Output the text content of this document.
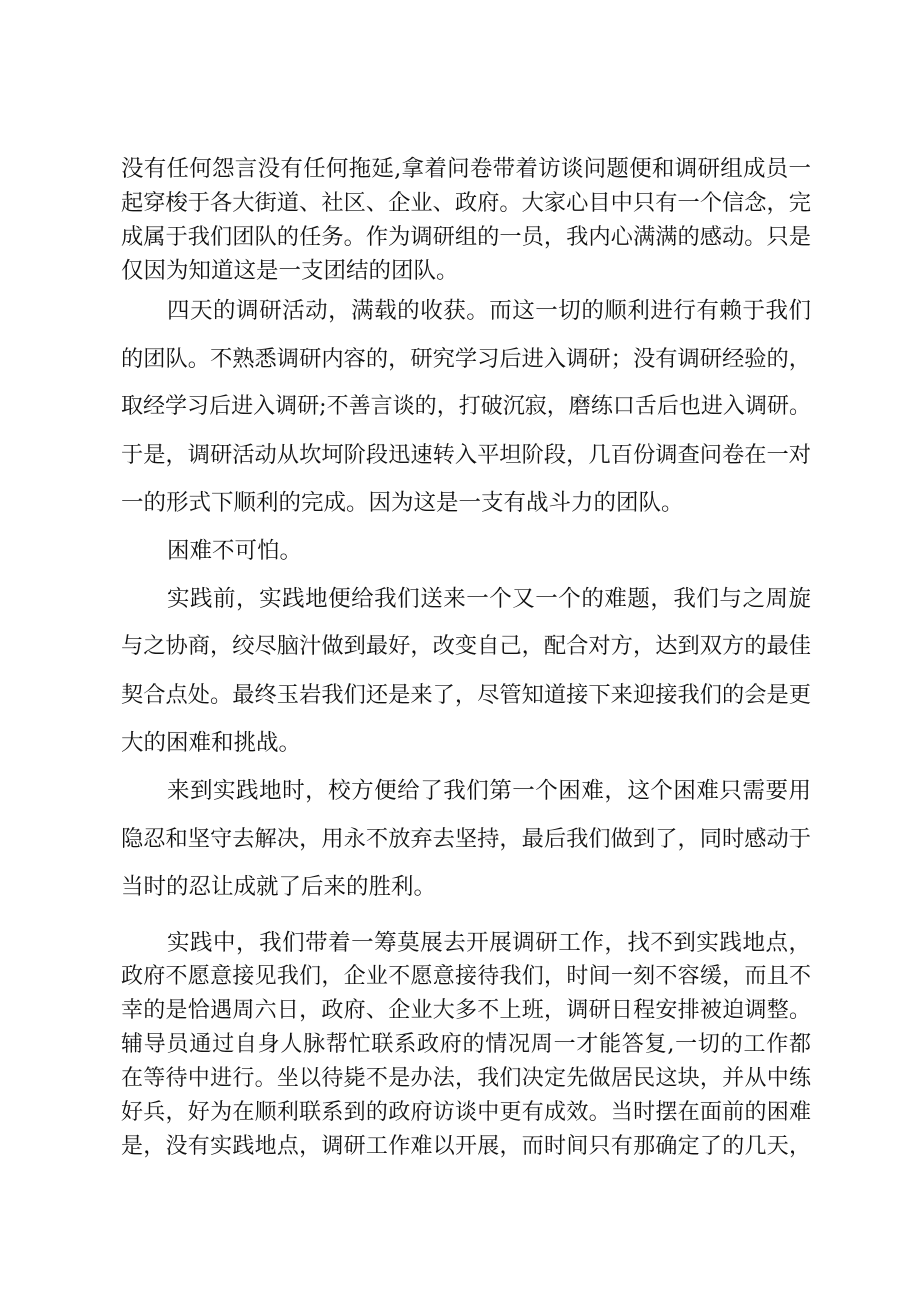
没有任何怨言没有任何拖延,拿着问卷带着访谈问题便和调研组成员一
起穿梭于各大街道、社区、企业、政府。大家心目中只有一个信念，完
成属于我们团队的任务。作为调研组的一员，我内心满满的感动。只是
仅因为知道这是一支团结的团队。
四天的调研活动，满载的收获。而这一切的顺利进行有赖于我们
的团队。不熟悉调研内容的，研究学习后进入调研；没有调研经验的，
取经学习后进入调研;不善言谈的，打破沉寂，磨练口舌后也进入调研。
于是，调研活动从坎坷阶段迅速转入平坦阶段，几百份调查问卷在一对
一的形式下顺利的完成。因为这是一支有战斗力的团队。
困难不可怕。
实践前，实践地便给我们送来一个又一个的难题，我们与之周旋
与之协商，绞尽脑汁做到最好，改变自己，配合对方，达到双方的最佳
契合点处。最终玉岩我们还是来了，尽管知道接下来迎接我们的会是更
大的困难和挑战。
来到实践地时，校方便给了我们第一个困难，这个困难只需要用
隐忍和坚守去解决，用永不放弃去坚持，最后我们做到了，同时感动于
当时的忍让成就了后来的胜利。
实践中，我们带着一筹莫展去开展调研工作，找不到实践地点，
政府不愿意接见我们，企业不愿意接待我们，时间一刻不容缓，而且不
幸的是恰遇周六日，政府、企业大多不上班，调研日程安排被迫调整。
辅导员通过自身人脉帮忙联系政府的情况周一才能答复,一切的工作都
在等待中进行。坐以待毙不是办法，我们决定先做居民这块，并从中练
好兵，好为在顺利联系到的政府访谈中更有成效。当时摆在面前的困难
是，没有实践地点，调研工作难以开展，而时间只有那确定了的几天，
